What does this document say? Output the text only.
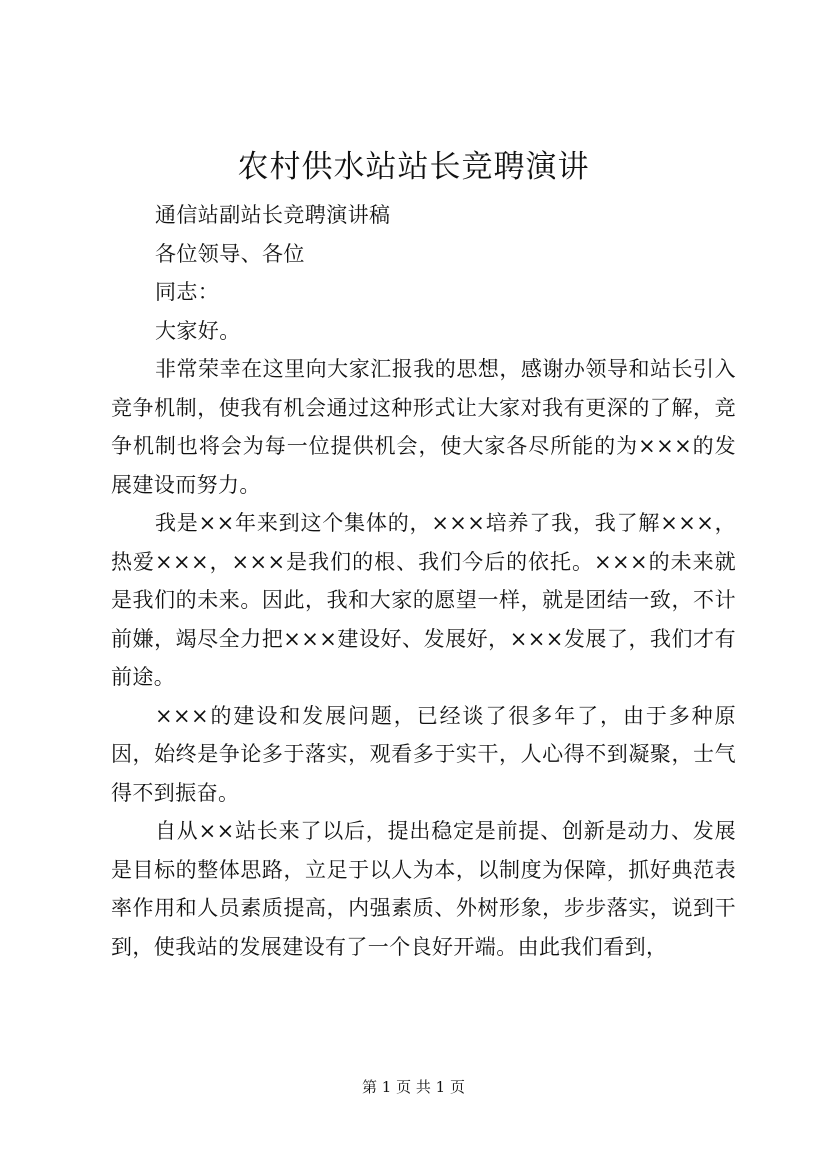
农村供水站站长竞聘演讲

通信站副站长竞聘演讲稿

各位领导、各位

同志：

大家好。

非常荣幸在这里向大家汇报我的思想，感谢办领导和站长引入竞争机制，使我有机会通过这种形式让大家对我有更深的了解，竞争机制也将会为每一位提供机会，使大家各尽所能的为×××的发展建设而努力。

我是××年来到这个集体的，×××培养了我，我了解×××，热爱×××，×××是我们的根、我们今后的依托。×××的未来就是我们的未来。因此，我和大家的愿望一样，就是团结一致，不计前嫌，竭尽全力把×××建设好、发展好，×××发展了，我们才有前途。

×××的建设和发展问题，已经谈了很多年了，由于多种原因，始终是争论多于落实，观看多于实干，人心得不到凝聚，士气得不到振奋。

自从××站长来了以后，提出稳定是前提、创新是动力、发展是目标的整体思路，立足于以人为本，以制度为保障，抓好典范表率作用和人员素质提高，内强素质、外树形象，步步落实，说到干到，使我站的发展建设有了一个良好开端。由此我们看到，

第 1 页 共 1 页
